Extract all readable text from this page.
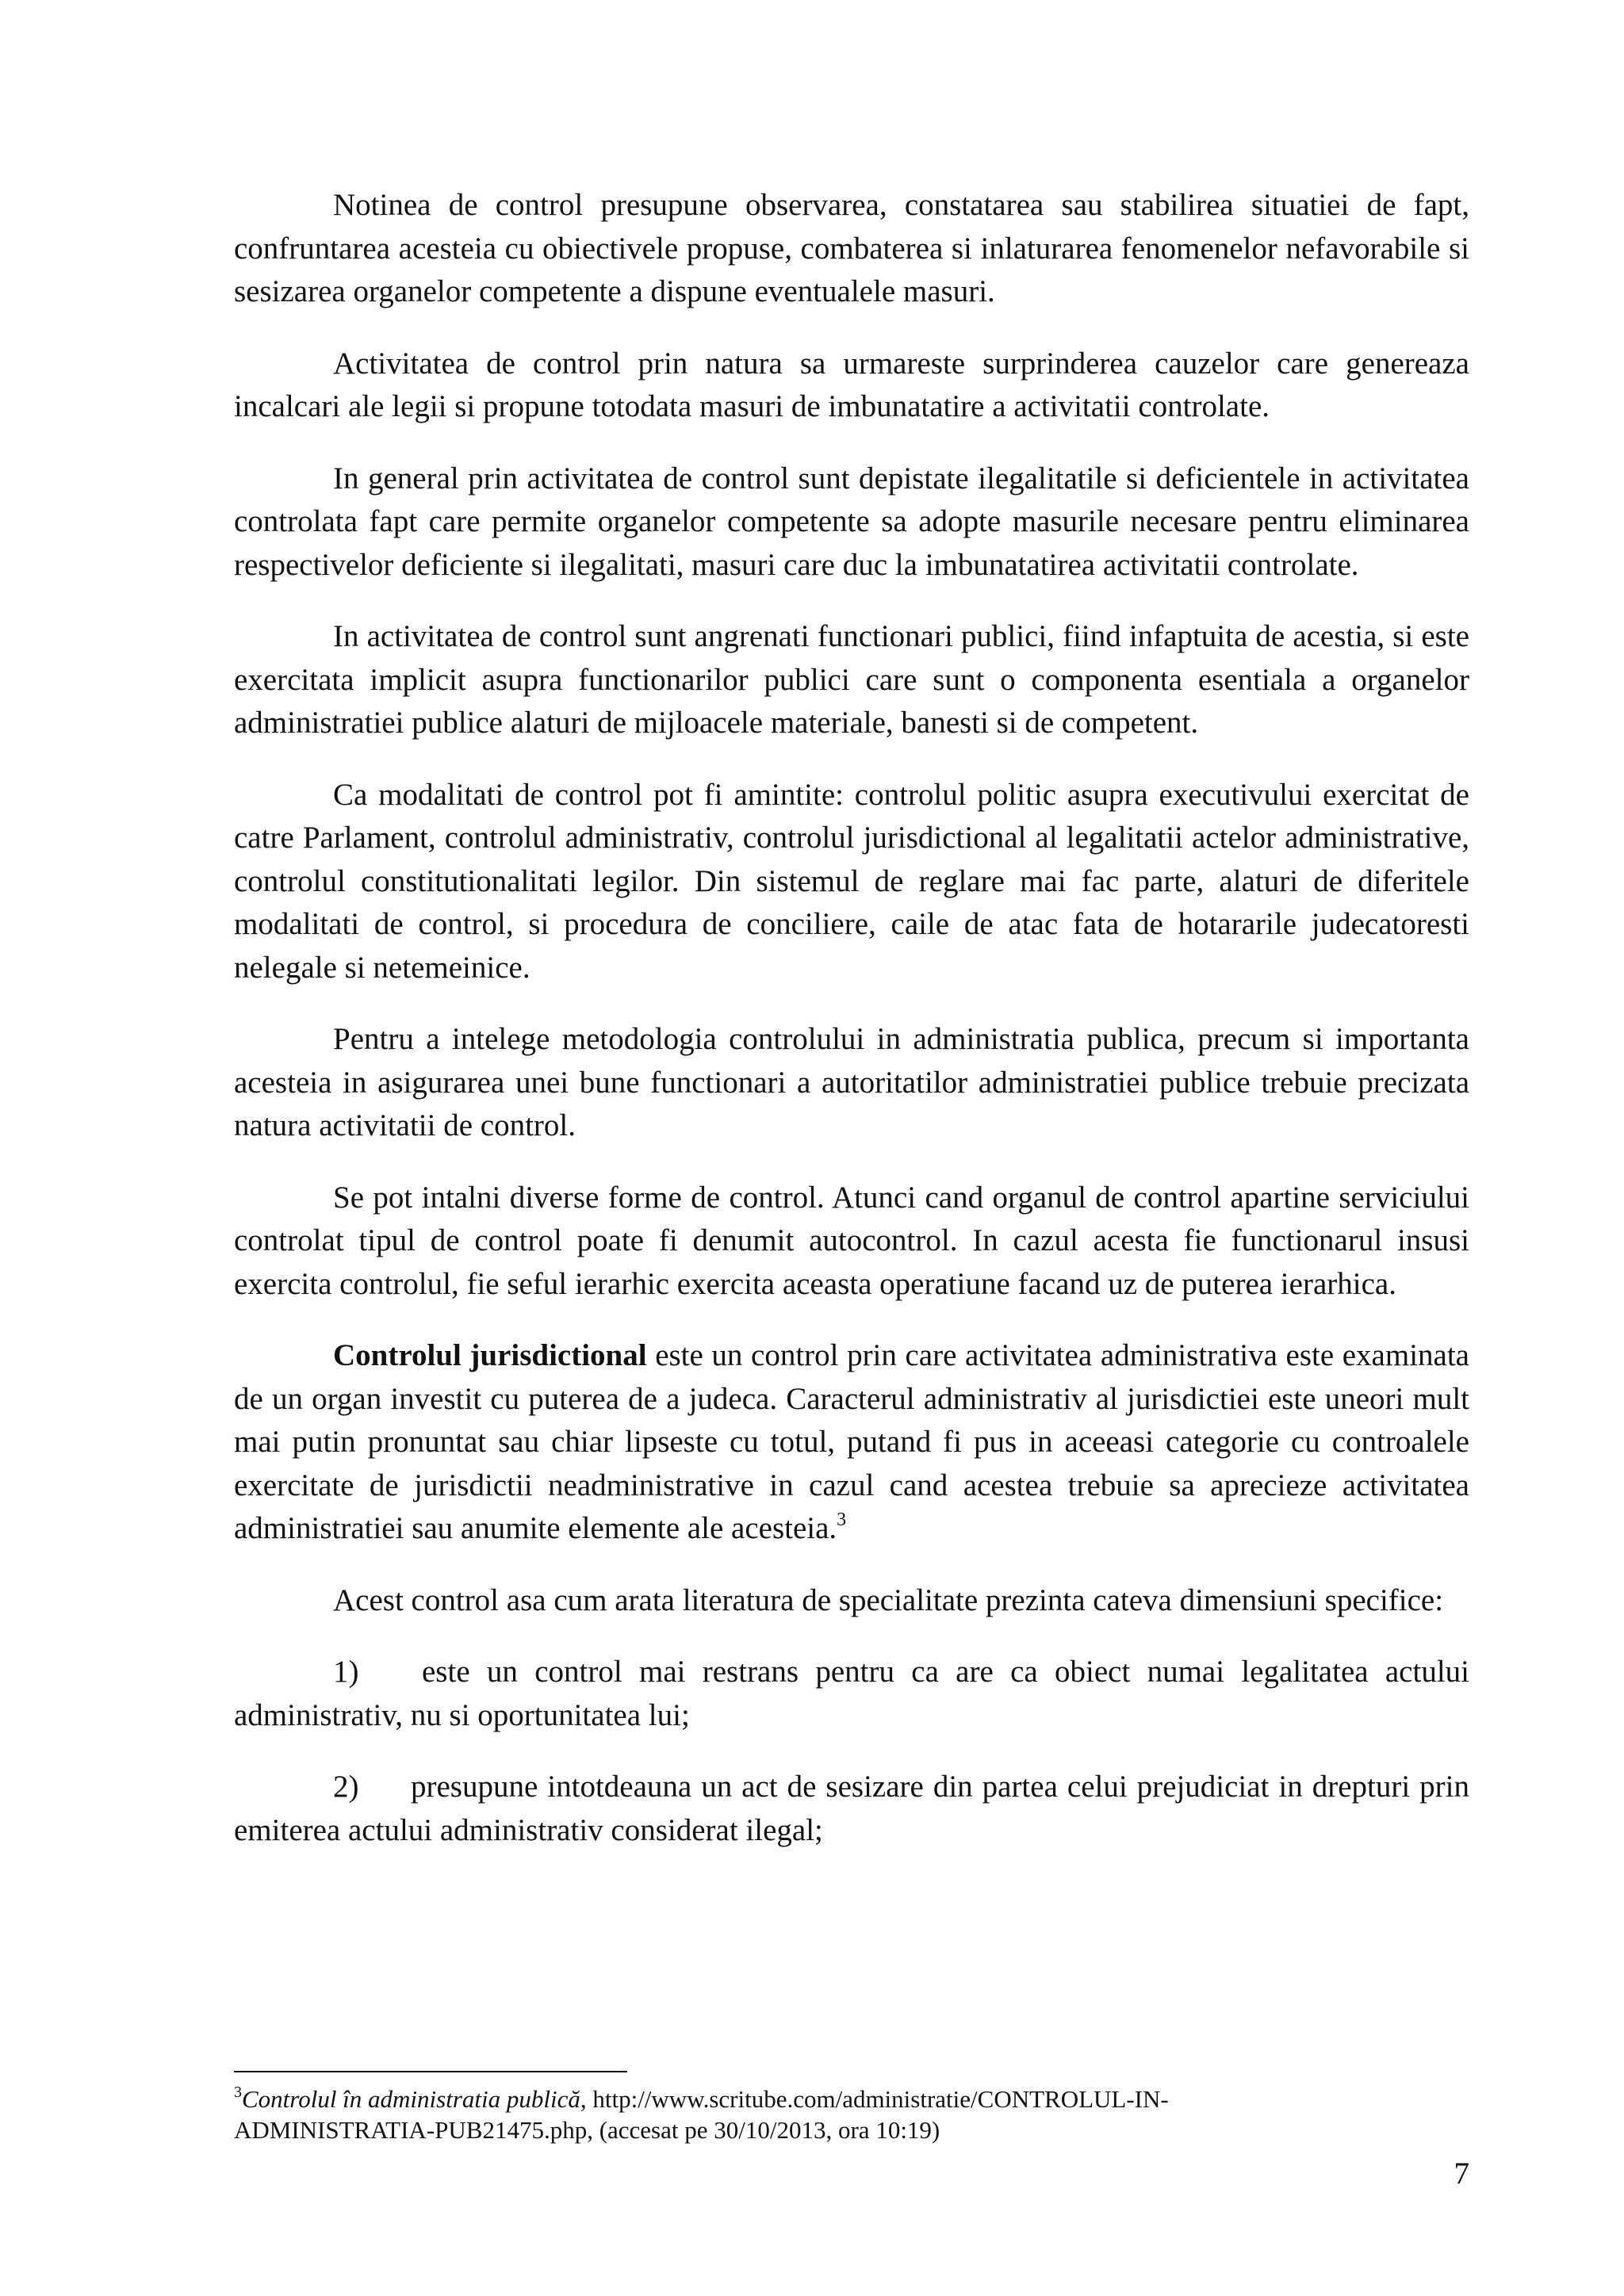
Notinea de control presupune observarea, constatarea sau stabilirea situatiei de fapt, confruntarea acesteia cu obiectivele propuse, combaterea si inlaturarea fenomenelor nefavorabile si sesizarea organelor competente a dispune eventualele masuri.

Activitatea de control prin natura sa urmareste surprinderea cauzelor care genereaza incalcari ale legii si propune totodata masuri de imbunatatire a activitatii controlate.

In general prin activitatea de control sunt depistate ilegalitatile si deficientele in activitatea controlata fapt care permite organelor competente sa adopte masurile necesare pentru eliminarea respectivelor deficiente si ilegalitati, masuri care duc la imbunatatirea activitatii controlate.

In activitatea de control sunt angrenati functionari publici, fiind infaptuita de acestia, si este exercitata implicit asupra functionarilor publici care sunt o componenta esentiala a organelor administratiei publice alaturi de mijloacele materiale, banesti si de competent.

Ca modalitati de control pot fi amintite: controlul politic asupra executivului exercitat de catre Parlament, controlul administrativ, controlul jurisdictional al legalitatii actelor administrative, controlul constitutionalitati legilor. Din sistemul de reglare mai fac parte, alaturi de diferitele modalitati de control, si procedura de conciliere, caile de atac fata de hotararile judecatoresti nelegale si netemeinice.

Pentru a intelege metodologia controlului in administratia publica, precum si importanta acesteia in asigurarea unei bune functionari a autoritatilor administratiei publice trebuie precizata natura activitatii de control.

Se pot intalni diverse forme de control. Atunci cand organul de control apartine serviciului controlat tipul de control poate fi denumit autocontrol. In cazul acesta fie functionarul insusi exercita controlul, fie seful ierarhic exercita aceasta operatiune facand uz de puterea ierarhica.

Controlul jurisdictional este un control prin care activitatea administrativa este examinata de un organ investit cu puterea de a judeca. Caracterul administrativ al jurisdictiei este uneori mult mai putin pronuntat sau chiar lipseste cu totul, putand fi pus in aceeasi categorie cu controalele exercitate de jurisdictii neadministrative in cazul cand acestea trebuie sa aprecieze activitatea administratiei sau anumite elemente ale acesteia.$^3$

Acest control asa cum arata literatura de specialitate prezinta cateva dimensiuni specifice:

1) este un control mai restrans pentru ca are ca obiect numai legalitatea actului administrativ, nu si oportunitatea lui;

2) presupune intotdeauna un act de sesizare din partea celui prejudiciat in drepturi prin emiterea actului administrativ considerat ilegal;

$^3$Controlul în administratia publică, http://www.scritube.com/administratie/CONTROLUL-IN-
ADMINISTRATIA-PUB21475.php, (accesat pe 30/10/2013, ora 10:19)
7
